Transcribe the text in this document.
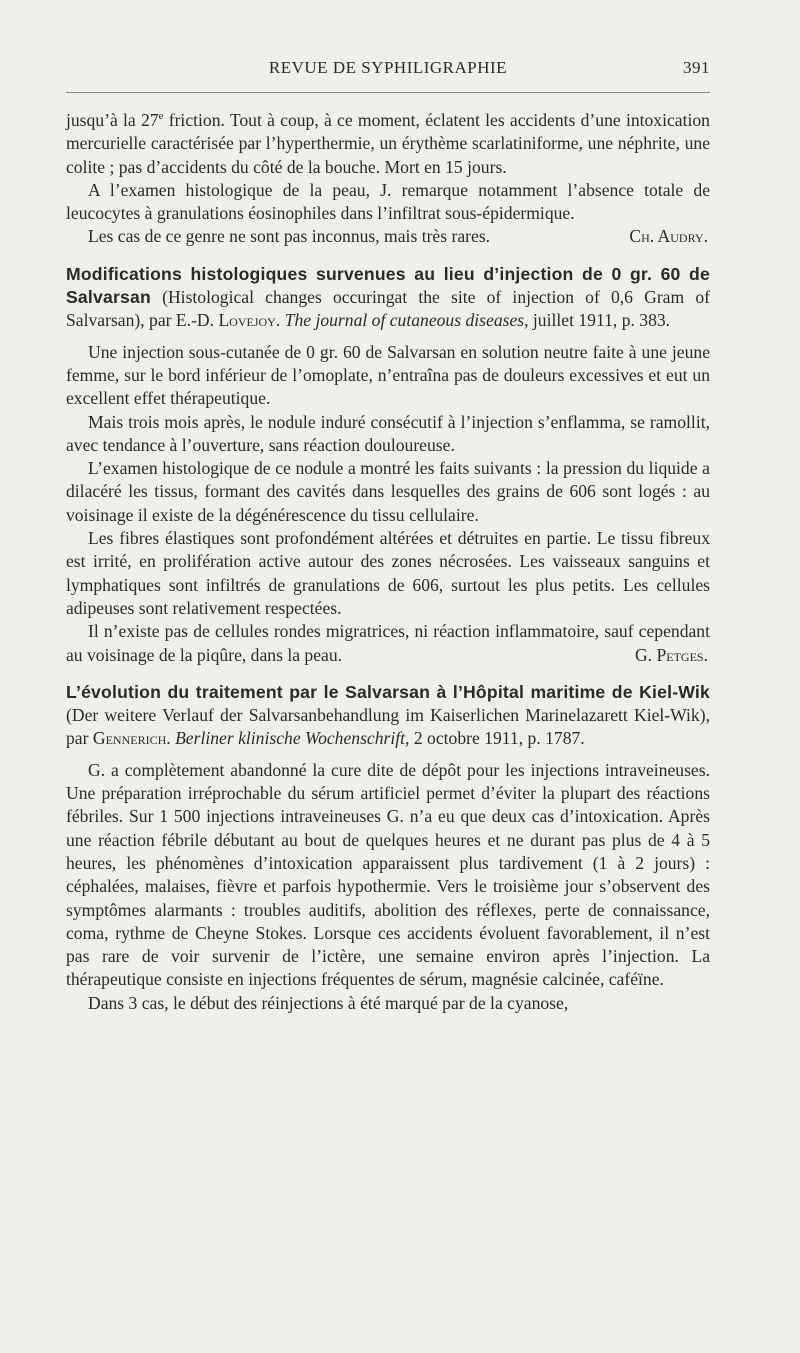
REVUE DE SYPHILIGRAPHIE	391

jusqu’à la 27e friction. Tout à coup, à ce moment, éclatent les accidents d’une intoxication mercurielle caractérisée par l’hyperthermie, un érythème scarlatiniforme, une néphrite, une colite ; pas d’accidents du côté de la bouche. Mort en 15 jours.

A l’examen histologique de la peau, J. remarque notamment l’absence totale de leucocytes à granulations éosinophiles dans l’infiltrat sous-épidermique.

Les cas de ce genre ne sont pas inconnus, mais très rares.	Ch. Audry.

Modifications histologiques survenues au lieu d’injection de 0 gr. 60 de Salvarsan (Histological changes occuringat the site of injection of 0,6 Gram of Salvarsan), par E.-D. Lovejoy. The journal of cutaneous diseases, juillet 1911, p. 383.

Une injection sous-cutanée de 0 gr. 60 de Salvarsan en solution neutre faite à une jeune femme, sur le bord inférieur de l’omoplate, n’entraîna pas de douleurs excessives et eut un excellent effet thérapeutique.

Mais trois mois après, le nodule induré consécutif à l’injection s’enflamma, se ramollit, avec tendance à l’ouverture, sans réaction douloureuse.

L’examen histologique de ce nodule a montré les faits suivants : la pression du liquide a dilacéré les tissus, formant des cavités dans lesquelles des grains de 606 sont logés : au voisinage il existe de la dégénérescence du tissu cellulaire.

Les fibres élastiques sont profondément altérées et détruites en partie. Le tissu fibreux est irrité, en prolifération active autour des zones nécrosées. Les vaisseaux sanguins et lymphatiques sont infiltrés de granulations de 606, surtout les plus petits. Les cellules adipeuses sont relativement respectées.

Il n’existe pas de cellules rondes migratrices, ni réaction inflammatoire, sauf cependant au voisinage de la piqûre, dans la peau.	G. Petges.

L’évolution du traitement par le Salvarsan à l’Hôpital maritime de Kiel-Wik (Der weitere Verlauf der Salvarsanbehandlung im Kaiserlichen Marinelazarett Kiel-Wik), par Gennerich. Berliner klinische Wochenschrift, 2 octobre 1911, p. 1787.

G. a complètement abandonné la cure dite de dépôt pour les injections intraveineuses. Une préparation irréprochable du sérum artificiel permet d’éviter la plupart des réactions fébriles. Sur 1 500 injections intraveineuses G. n’a eu que deux cas d’intoxication. Après une réaction fébrile débutant au bout de quelques heures et ne durant pas plus de 4 à 5 heures, les phénomènes d’intoxication apparaissent plus tardivement (1 à 2 jours) : céphalées, malaises, fièvre et parfois hypothermie. Vers le troisième jour s’observent des symptômes alarmants : troubles auditifs, abolition des réflexes, perte de connaissance, coma, rythme de Cheyne Stokes. Lorsque ces accidents évoluent favorablement, il n’est pas rare de voir survenir de l’ictère, une semaine environ après l’injection. La thérapeutique consiste en injections fréquentes de sérum, magnésie calcinée, caféïne.

Dans 3 cas, le début des réinjections à été marqué par de la cyanose,
